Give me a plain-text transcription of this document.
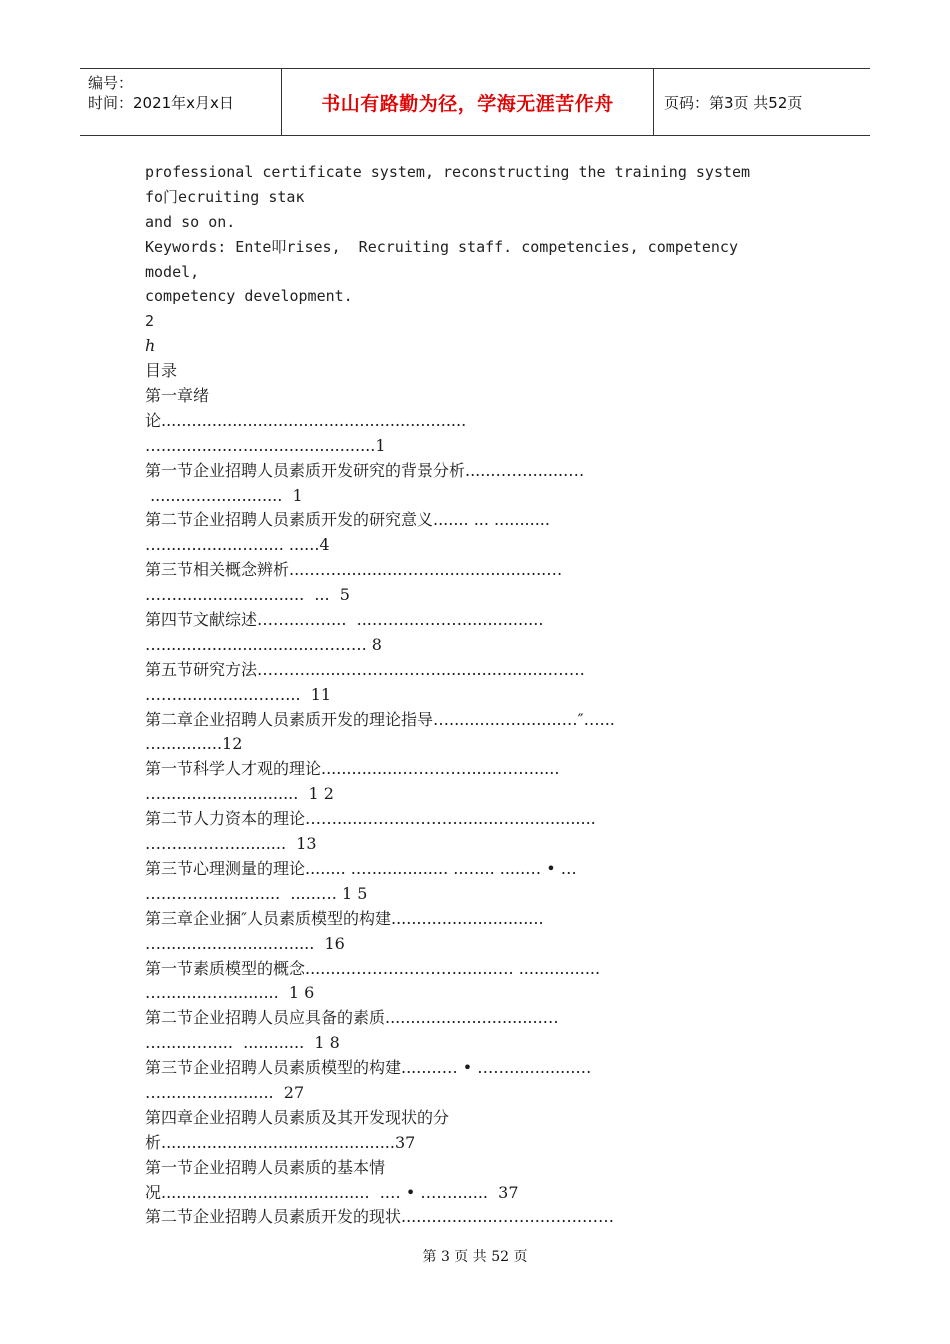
编号：
时间：2021年x月x日	书山有路勤为径，学海无涯苦作舟	页码：第3页 共52页
professional certificate system, reconstructing the training system
fo门ecruiting staκ
and so on.
Keywords: Ente叩rises,  Recruiting staff. competencies, competency
model,
competency development.
2
h
目录
第一章绪
论............................................................
…..............….........................1
第一节企业招聘人员素质开发研究的背景分析......……........…
..........................  1
第二节企业招聘人员素质开发的研究意义....... ... ...........
…................…..... ......4
第三节相关概念辨析....……............……......................…
…….........................  ...  5
第四节文献综述……..……...  ...……..………................
…..............................………. 8
第五节研究方法………........………..…….......................……
……...............……...  11
第二章企业招聘人员素质开发的理论指导…..........….........…″…...
…............12
第一节科学人才观的理论................…………......……......
…...........................  1 2
第二节人力资本的理论……......……..………........…................
……..………..........  13
第三节心理测量的理论........ .…............... ..…... .....… • …
…..……........…....  .....…. 1 5
第三章企业捆″人员素质模型的构建..............................
…......................….....  16
第一节素质模型的概念.........………..……….......…. ................
….........…...........  1 6
第二节企业招聘人员应具备的素质...............................…
….......…....  ............  1 8
第三节企业招聘人员素质模型的构建........… • …….............…
….......…............  27
第四章企业招聘人员素质及其开发现状的分
析..............................................37
第一节企业招聘人员素质的基本情
况.........................................  .… • …….......  37
第二节企业招聘人员素质开发的现状...................……..……..……
第 3 页 共 52 页
